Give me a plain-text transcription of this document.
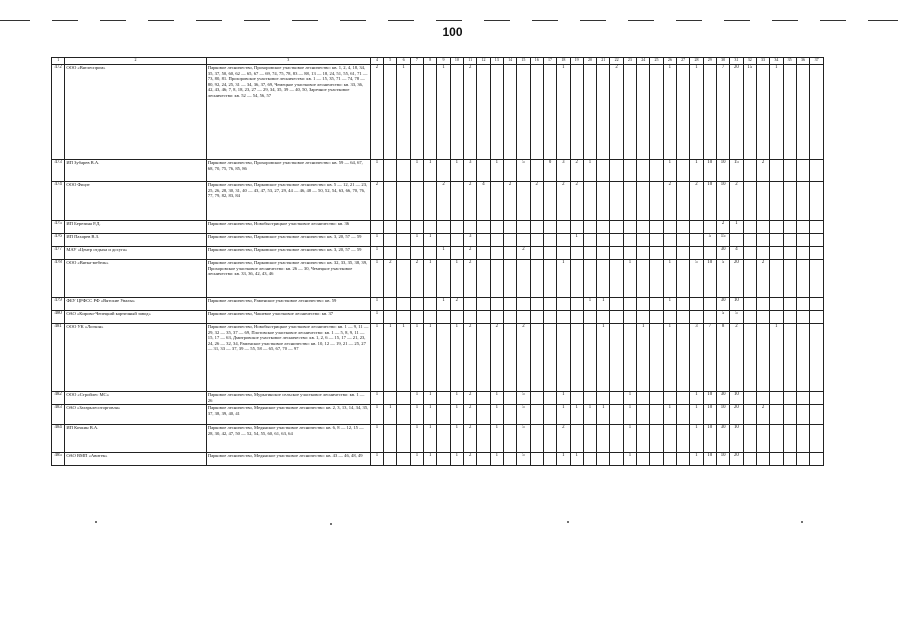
100
1	2	3	4	5	6	7	8	9	10	11	12	13	14	15	16	17	18	19	20	21	22	23	24	25	26	27	28	29	30	31	32	33	34	35	36	37
472	ООО «Вятлеспром»	Парковое лесничество, Прохоровское участковое лесничество: кв. 1, 2, 4, 18, 34, 35, 37, 50, 60, 62 — 65, 67 — 69, 74, 75, 78, 83 — 88, 13 — 18, 24, 51, 55, 61, 71 — 73, 80, 81. Прохоровское участковое лесничество: кв. 1 — 15, 35, 71 — 74, 78 — 80, 92, 24, 25, 31 — 34, 36, 37, 69, Чемецкое участковое лесничество: кв. 33, 36, 42, 43, 46; 7, 8, 18, 23, 27 — 29, 34, 35, 39 — 40, 50, Заречное участковое лесничество: кв. 52 — 54, 56, 57	2		1			1		2							1				2				1		1		7	20	15		1			
473	ИП Зубарев В.А.	Парковое лесничество, Прохоровское участковое лесничество: кв. 59 — 64, 67, 68, 70, 75, 76, 85, 86	1			1	1		1	3		1		5		0	3	2	1						1		1	10	10	15		2				
474	ООО Фицэт	Парковое лесничество, Парковское участковое лесничество: кв. 5 — 12, 21 — 23, 25, 26, 28, 30, 31, 40 — 43, 47, 53, 27, 29, 44 — 46, 48 — 50, 52, 54, 63, 66, 70, 76, 77, 79, 82, 83, 84	2					2		2	4		2		2		2	2							2		2	10	10	2						
475	ИП Березина Р.Д.	Парковое лесничество, Новобыстрицкое участковое лесничество: кв. 36																											2	1						
476	ИП Пахарев В.З.	Парковое лесничество, Парковское участковое лесничество: кв. 3, 20, 57 — 59	1			1	1			3								1										5	15							
477	МАУ «Центр отдыха и досуга»	Парковое лесничество, Парковское участковое лесничество: кв. 3, 20, 57 — 59	1					1		2				2															30	4						
478	ООО «Вятка-мебель»	Парковое лесничество, Парковское участковое лесничество: кв. 32, 33, 35, 38, 39, Прохоровское участковое лесничество: кв. 26 — 30, Чемецкое участковое лесничество: кв. 33, 36, 42, 43, 46	1	2		2	1		1	2							1					1			1		5	10	5	20		2				
479	ФБУ ЦРФСС РФ «Вятские Увалы»	Парковое лесничество, Раменское участковое лесничество: кв. 59	1					1	2										1	1					1				30	10						
480	ОАО «Кирово-Чепецкий картичный завод»	Парковое лесничество, Чашевое участковое лесничество: кв. 37	1																										5	5						
481	ООО УК «Логкон»	Парковое лесничество, Новобыстрицкое участковое лесничество: кв. 1 — 9, 11 — 29, 32 — 35, 37 — 69, Плотовское участковое лесничество: кв. 1 — 5, 8, 9, 11 — 15, 17 — 63, Дмитровское участковое лесничество: кв. 1, 2, 6 — 15, 17 — 21, 23, 24, 26 — 32, 34, Раменское участковое лесничество: кв. 10, 12 — 19, 21 — 25, 27 — 31, 33 — 37, 39 — 55, 58 — 65, 67, 70 — 97	1	1	1	1	1		1	2		2		2						1			1		1		3	7	8	2			1			
482	ООО «Стройлес МС»	Парковое лесничество, Мурыгинское сельское участковое лесничество: кв. 1 — 26	1			1	1		1	2		1		5			1					1					1	10	30	10						
483	ОАО «Загарьлесоторговля»	Парковое лесничество, Медянское участковое лесничество: кв. 2, 3, 13, 14, 34, 35, 37, 38, 39, 40, 41	1	1		1	1		1	2		1		5			1	1	1	1		1			1		1	10	10	20		2				
484	ИП Кочкин В.А.	Парковое лесничество, Медянское участковое лесничество: кв. 6, 8 — 12, 15 — 28, 30, 42, 47, 50 — 52, 54, 55, 60, 61, 63, 64	1			1	1		1	2		1		5			2					1					1	10	30	10						
485	ОАО ВМП «Авитек»	Парковое лесничество, Медянское участковое лесничество: кв. 43 — 46, 48, 49	1			1	1		1	2		1		5			1	1				1					1	10	10	20						
